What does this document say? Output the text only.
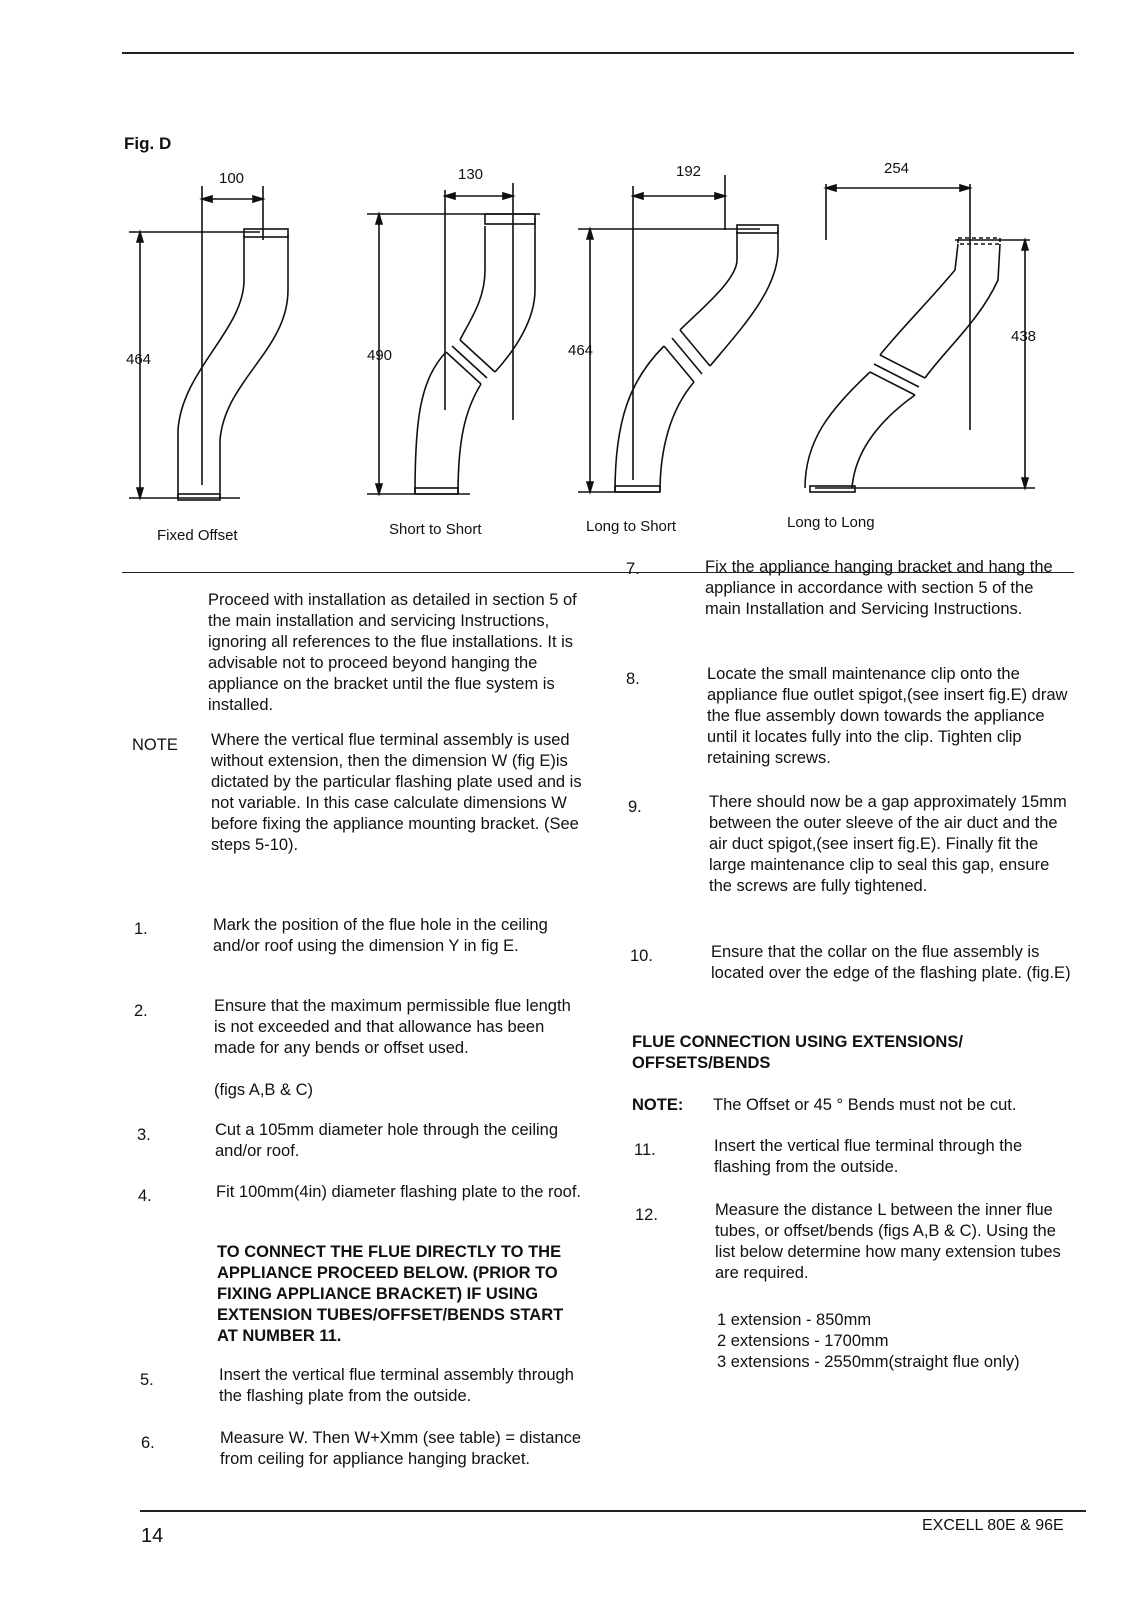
Fig. D
100
464
130
490
192
464
254
438
Fixed Offset	Short to Short	Long to Short	Long to Long
Proceed with installation as detailed in section 5 of the main installation and servicing Instructions, ignoring all references to the flue installations. It is advisable not to proceed beyond hanging the appliance on the bracket until the flue system is installed.
NOTE Where the vertical flue terminal assembly is used without extension, then the dimension W (fig E)is dictated by the particular flashing plate used and is not variable. In this case calculate dimensions W before fixing the appliance mounting bracket. (See steps 5-10).
1.	Mark the position of the flue hole in the ceiling and/or roof using the dimension Y in fig E.
2.	Ensure that the maximum permissible flue length is not exceeded and that allowance has been made for any bends or offset used.
(figs A,B & C)
3.	Cut a 105mm diameter hole through the ceiling and/or roof.
4.	Fit 100mm(4in) diameter flashing plate to the roof.
TO CONNECT THE FLUE DIRECTLY TO THE APPLIANCE PROCEED BELOW. (PRIOR TO FIXING APPLIANCE BRACKET) IF USING EXTENSION TUBES/OFFSET/BENDS START AT NUMBER 11.
5.	Insert the vertical flue terminal assembly through the flashing plate from the outside.
6.	Measure W. Then W+Xmm (see table) = distance from ceiling for appliance hanging bracket.
7.	Fix the appliance hanging bracket and hang the appliance in accordance with section 5 of the main Installation and Servicing Instructions.
8.	Locate the small maintenance clip onto the appliance flue outlet spigot,(see insert fig.E) draw the flue assembly down towards the appliance until it locates fully into the clip. Tighten clip retaining screws.
9.	There should now be a gap approximately 15mm between the outer sleeve of the air duct and the air duct spigot,(see insert fig.E). Finally fit the large maintenance clip to seal this gap, ensure the screws are fully tightened.
10.	Ensure that the collar on the flue assembly is located over the edge of the flashing plate. (fig.E)
FLUE CONNECTION USING EXTENSIONS/ OFFSETS/BENDS
NOTE: The Offset or 45 ° Bends must not be cut.
11.	Insert the vertical flue terminal through the flashing from the outside.
12.	Measure the distance L between the inner flue tubes, or offset/bends (figs A,B & C). Using the list below determine how many extension tubes are required.
1 extension - 850mm
2 extensions - 1700mm
3 extensions - 2550mm(straight flue only)
14	EXCELL 80E & 96E
